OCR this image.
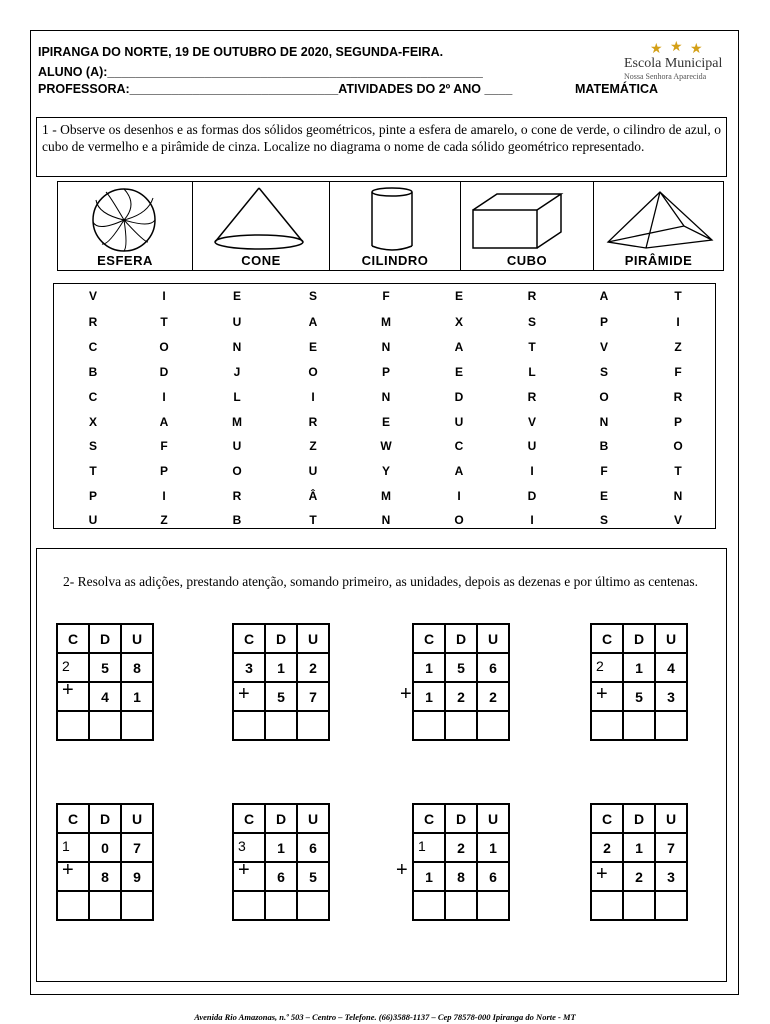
IPIRANGA DO NORTE, 19 DE OUTUBRO DE 2020, SEGUNDA-FEIRA.
ALUNO (A):______________________________________________________
PROFESSORA:______________________________ATIVIDADES DO 2º ANO ____	MATEMÁTICA
★ ★ ★
Escola Municipal
Nossa Senhora Aparecida
1 - Observe os desenhos e as formas dos sólidos geométricos, pinte a esfera de amarelo, o cone de verde, o cilindro de azul, o cubo de vermelho e a pirâmide de cinza. Localize no diagrama o nome de cada sólido geométrico representado.
ESFERA	CONE	CILINDRO	CUBO	PIRÂMIDE
V	I	E	S	F	E	R	A	T
R	T	U	A	M	X	S	P	I
C	O	N	E	N	A	T	V	Z
B	D	J	O	P	E	L	S	F
C	I	L	I	N	D	R	O	R
X	A	M	R	E	U	V	N	P
S	F	U	Z	W	C	U	B	O
T	P	O	U	Y	A	I	F	T
P	I	R	Â	M	I	D	E	N
U	Z	B	T	N	O	I	S	V
2- Resolva as adições, prestando atenção, somando primeiro, as unidades, depois as dezenas e por último as centenas.
C	D	U

2	5	8

	4	1

+
C	D	U

3	1	2

	5	7

+
C	D	U

1	5	6

1	2	2

+
C	D	U

2	1	4

	5	3

+
C	D	U

1	0	7

	8	9

+
C	D	U

3	1	6

	6	5

+
C	D	U

1	2	1

1	8	6

+
C	D	U

2	1	7

	2	3

+
Avenida Rio Amazonas, n.º 503 – Centro – Telefone. (66)3588-1137 – Cep 78578-000 Ipiranga do Norte - MT
